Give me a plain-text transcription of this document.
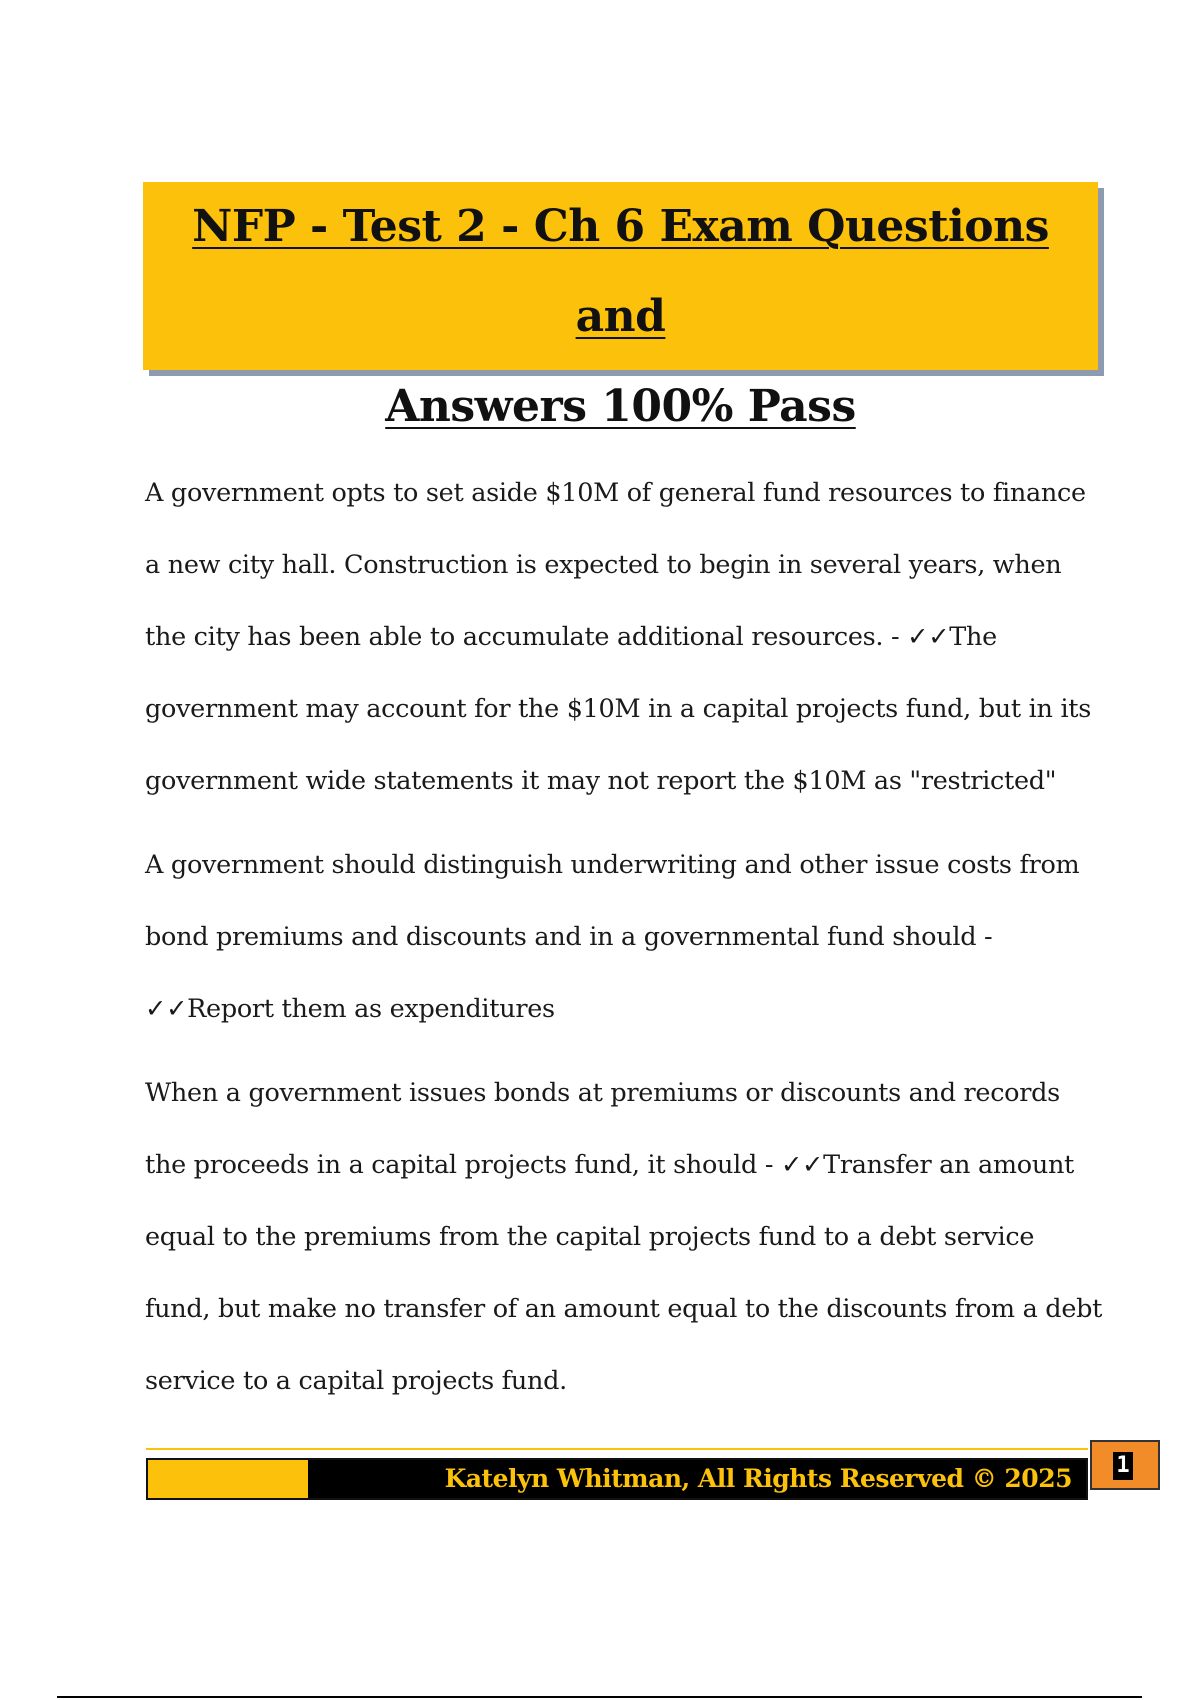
NFP - Test 2 - Ch 6 Exam Questions and
Answers 100% Pass

A government opts to set aside $10M of general fund resources to finance a new city hall. Construction is expected to begin in several years, when the city has been able to accumulate additional resources. - ✓✓The government may account for the $10M in a capital projects fund, but in its government wide statements it may not report the $10M as "restricted"

A government should distinguish underwriting and other issue costs from bond premiums and discounts and in a governmental fund should - ✓✓Report them as expenditures

When a government issues bonds at premiums or discounts and records the proceeds in a capital projects fund, it should - ✓✓Transfer an amount equal to the premiums from the capital projects fund to a debt service fund, but make no transfer of an amount equal to the discounts from a debt service to a capital projects fund.

Katelyn Whitman, All Rights Reserved © 2025 1
